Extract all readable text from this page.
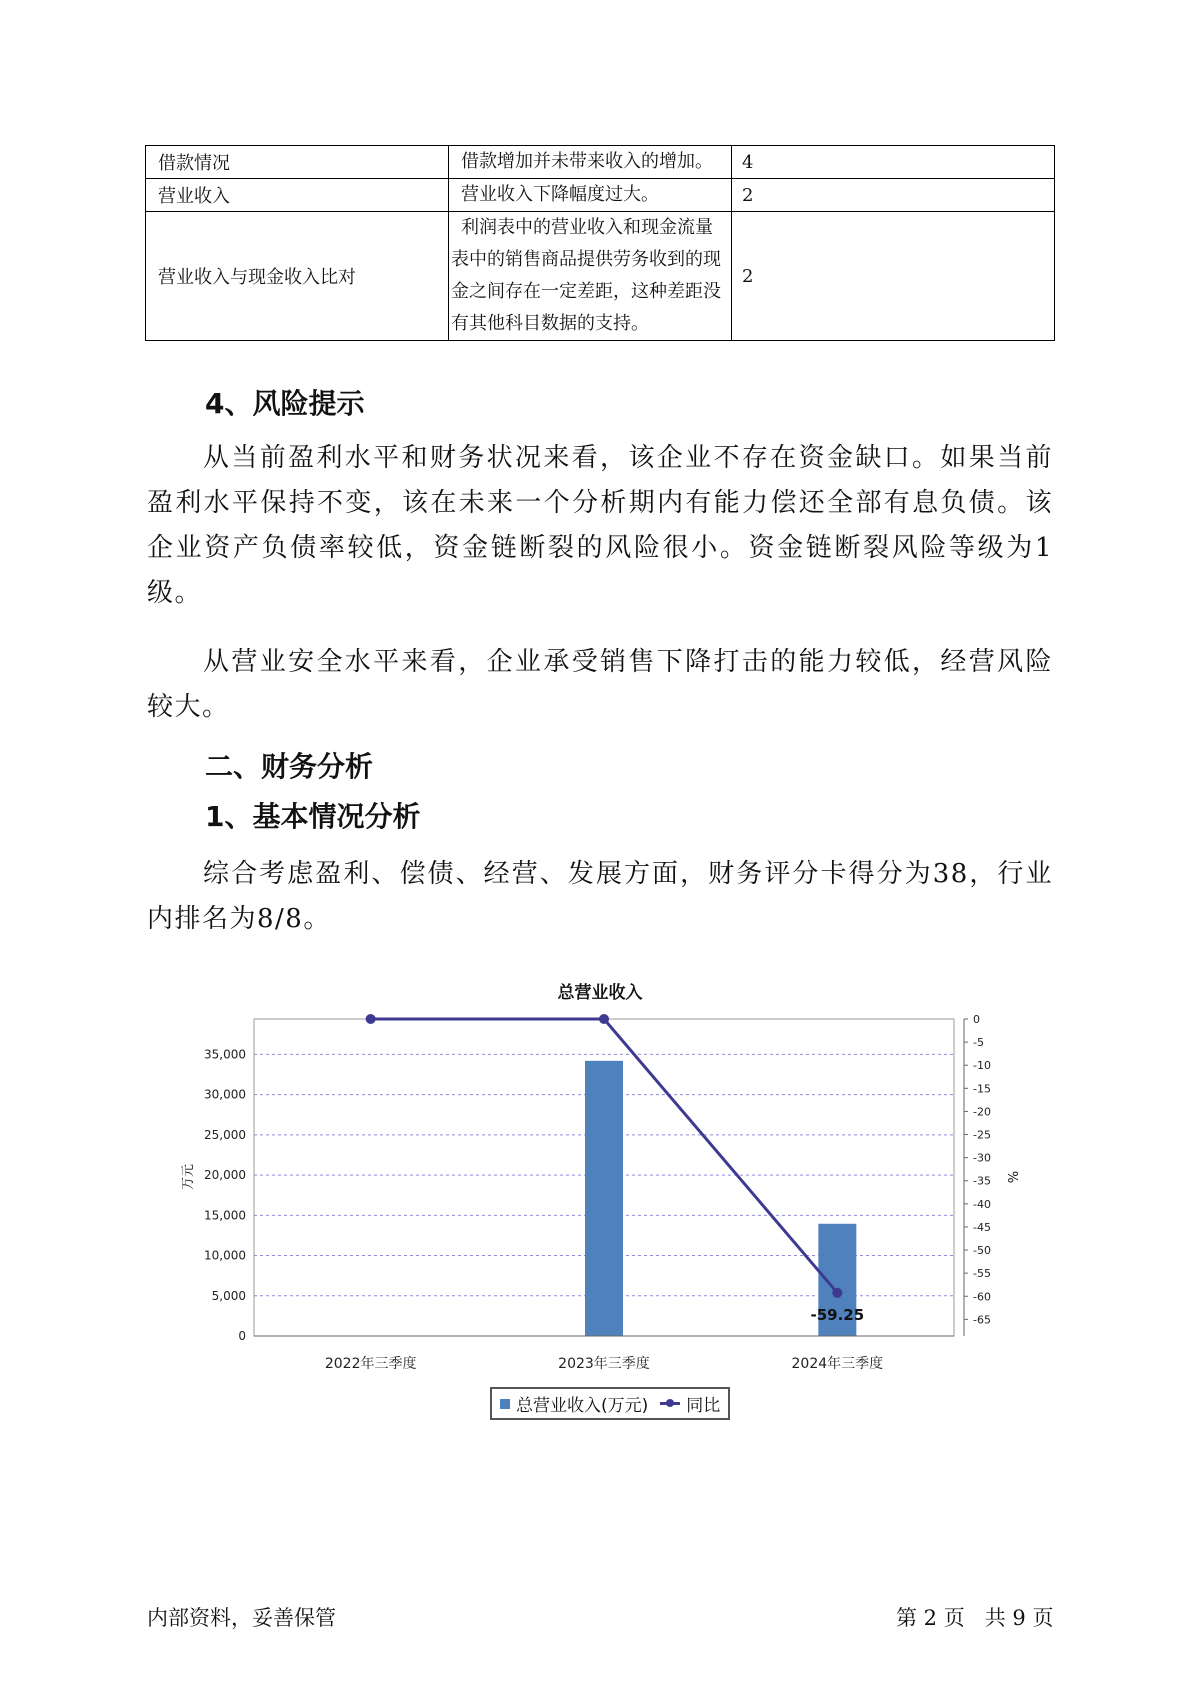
借款情况	借款增加并未带来收入的增加。	4
营业收入	营业收入下降幅度过大。	2
营业收入与现金收入比对	利润表中的营业收入和现金流量表中的销售商品提供劳务收到的现金之间存在一定差距，这种差距没有其他科目数据的支持。	2
4、风险提示

从当前盈利水平和财务状况来看，该企业不存在资金缺口。如果当前盈利水平保持不变，该在未来一个分析期内有能力偿还全部有息负债。该企业资产负债率较低，资金链断裂的风险很小。资金链断裂风险等级为1级。

从营业安全水平来看，企业承受销售下降打击的能力较低，经营风险较大。

二、财务分析
1、基本情况分析

综合考虑盈利、偿债、经营、发展方面，财务评分卡得分为38，行业内排名为8/8。

总营业收入
-59.25
0
5,000
10,000
15,000
20,000
25,000
30,000
35,000
0
-5
-10
-15
-20
-25
-30
-35
-40
-45
-50
-55
-60
-65
2022年三季度	2023年三季度	2024年三季度
万元	%
总营业收入(万元) 同比
内部资料，妥善保管	第 2 页   共 9 页
